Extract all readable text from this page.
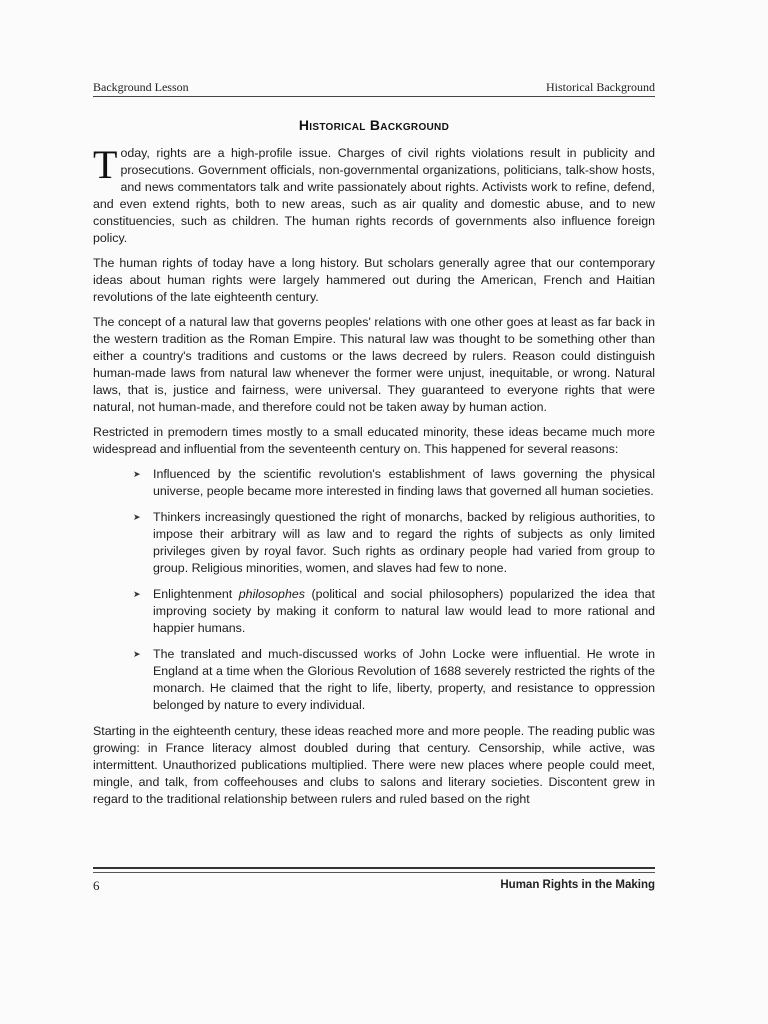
Background Lesson	Historical Background
Historical Background

Today, rights are a high-profile issue. Charges of civil rights violations result in publicity and prosecutions. Government officials, non-governmental organizations, politicians, talk-show hosts, and news commentators talk and write passionately about rights. Activists work to refine, defend, and even extend rights, both to new areas, such as air quality and domestic abuse, and to new constituencies, such as children. The human rights records of governments also influence foreign policy.

The human rights of today have a long history. But scholars generally agree that our contemporary ideas about human rights were largely hammered out during the American, French and Haitian revolutions of the late eighteenth century.

The concept of a natural law that governs peoples' relations with one other goes at least as far back in the western tradition as the Roman Empire. This natural law was thought to be something other than either a country's traditions and customs or the laws decreed by rulers. Reason could distinguish human-made laws from natural law whenever the former were unjust, inequitable, or wrong. Natural laws, that is, justice and fairness, were universal. They guaranteed to everyone rights that were natural, not human-made, and therefore could not be taken away by human action.

Restricted in premodern times mostly to a small educated minority, these ideas became much more widespread and influential from the seventeenth century on. This happened for several reasons:

➤ Influenced by the scientific revolution's establishment of laws governing the physical universe, people became more interested in finding laws that governed all human societies.
➤ Thinkers increasingly questioned the right of monarchs, backed by religious authorities, to impose their arbitrary will as law and to regard the rights of subjects as only limited privileges given by royal favor. Such rights as ordinary people had varied from group to group. Religious minorities, women, and slaves had few to none.
➤ Enlightenment philosophes (political and social philosophers) popularized the idea that improving society by making it conform to natural law would lead to more rational and happier humans.
➤ The translated and much-discussed works of John Locke were influential. He wrote in England at a time when the Glorious Revolution of 1688 severely restricted the rights of the monarch. He claimed that the right to life, liberty, property, and resistance to oppression belonged by nature to every individual.

Starting in the eighteenth century, these ideas reached more and more people. The reading public was growing: in France literacy almost doubled during that century. Censorship, while active, was intermittent. Unauthorized publications multiplied. There were new places where people could meet, mingle, and talk, from coffeehouses and clubs to salons and literary societies. Discontent grew in regard to the traditional relationship between rulers and ruled based on the right

6	Human Rights in the Making
